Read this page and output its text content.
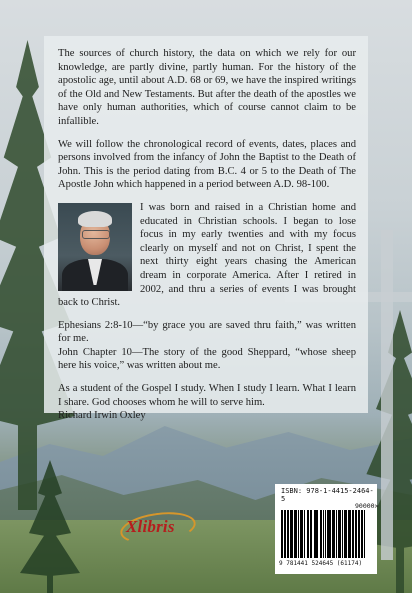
The sources of church history, the data on which we rely for our knowledge, are partly divine, partly human. For the history of the apostolic age, until about A.D. 68 or 69, we have the inspired writings of the Old and New Testaments. But after the death of the apostles we have only human authorities, which of course cannot claim to be infallible.

We will follow the chronological record of events, dates, places and persons involved from the infancy of John the Baptist to the Death of John. This is the period dating from B.C. 4 or 5 to the Death of The Apostle John which happened in a period between A.D. 98-100.

I was born and raised in a Christian home and educated in Christian schools. I began to lose focus in my early twenties and with my focus clearly on myself and not on Christ, I spent the next thirty eight years chasing the American dream in corporate America. After I retired in 2002, and thru a series of events I was brought back to Christ.

Ephesians 2:8-10—“by grace you are saved thru faith,” was written for me.

John Chapter 10—The story of the good Sheppard, “whose sheep here his voice,” was written about me.

As a student of the Gospel I study. When I study I learn. What I learn I share. God chooses whom he will to serve him.

Richard Irwin Oxley

Xlibris
ISBN: 978-1-4415-2464-5
90000>
9 781441 524645 (61174)
